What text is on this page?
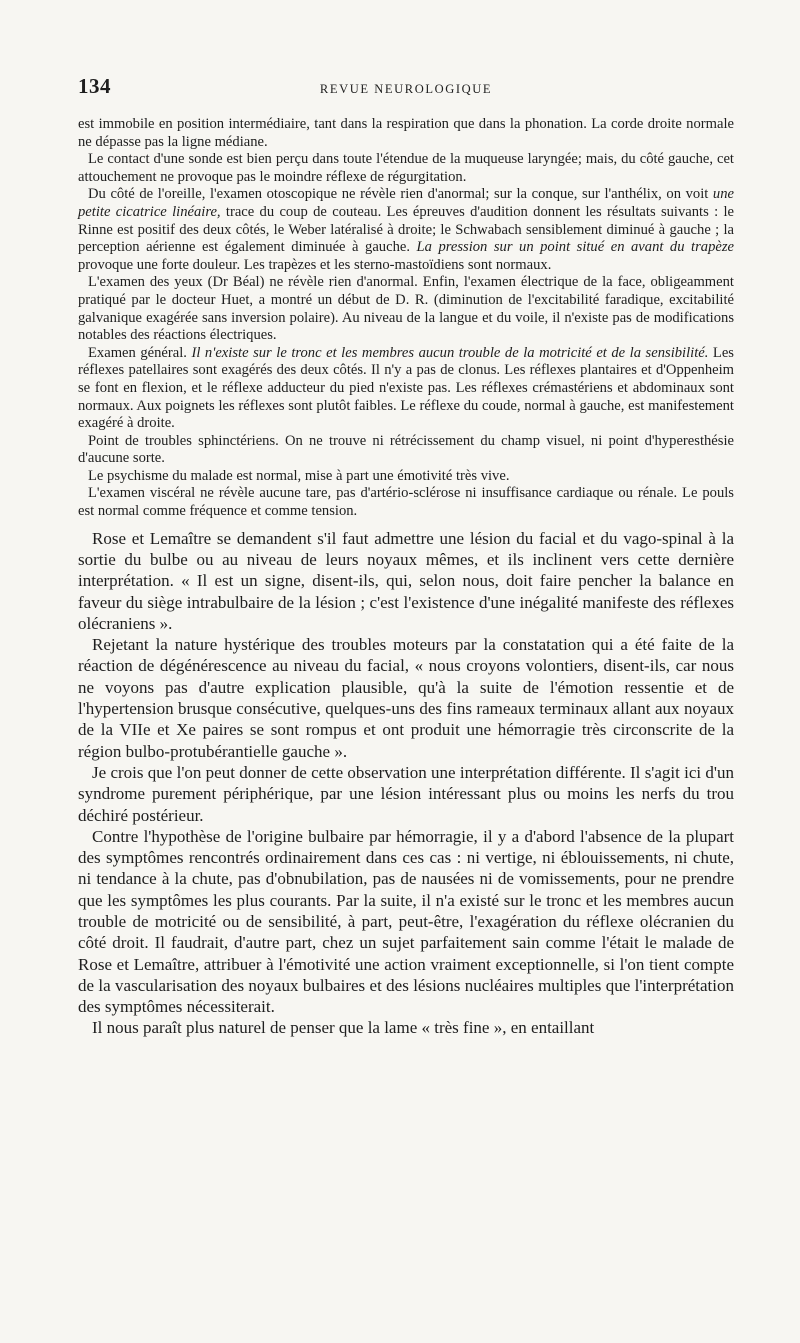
134	REVUE NEUROLOGIQUE

est immobile en position intermédiaire, tant dans la respiration que dans la phonation. La corde droite normale ne dépasse pas la ligne médiane.

Le contact d'une sonde est bien perçu dans toute l'étendue de la muqueuse laryngée; mais, du côté gauche, cet attouchement ne provoque pas le moindre réflexe de régurgitation.

Du côté de l'oreille, l'examen otoscopique ne révèle rien d'anormal; sur la conque, sur l'anthélix, on voit une petite cicatrice linéaire, trace du coup de couteau. Les épreuves d'audition donnent les résultats suivants : le Rinne est positif des deux côtés, le Weber latéralisé à droite; le Schwabach sensiblement diminué à gauche ; la perception aérienne est également diminuée à gauche. La pression sur un point situé en avant du trapèze provoque une forte douleur. Les trapèzes et les sterno-mastoïdiens sont normaux.

L'examen des yeux (Dr Béal) ne révèle rien d'anormal. Enfin, l'examen électrique de la face, obligeamment pratiqué par le docteur Huet, a montré un début de D. R. (diminution de l'excitabilité faradique, excitabilité galvanique exagérée sans inversion polaire). Au niveau de la langue et du voile, il n'existe pas de modifications notables des réactions électriques.

Examen général. Il n'existe sur le tronc et les membres aucun trouble de la motricité et de la sensibilité. Les réflexes patellaires sont exagérés des deux côtés. Il n'y a pas de clonus. Les réflexes plantaires et d'Oppenheim se font en flexion, et le réflexe adducteur du pied n'existe pas. Les réflexes crémastériens et abdominaux sont normaux. Aux poignets les réflexes sont plutôt faibles. Le réflexe du coude, normal à gauche, est manifestement exagéré à droite.

Point de troubles sphinctériens. On ne trouve ni rétrécissement du champ visuel, ni point d'hyperesthésie d'aucune sorte.

Le psychisme du malade est normal, mise à part une émotivité très vive.

L'examen viscéral ne révèle aucune tare, pas d'artério-sclérose ni insuffisance cardiaque ou rénale. Le pouls est normal comme fréquence et comme tension.

Rose et Lemaître se demandent s'il faut admettre une lésion du facial et du vago-spinal à la sortie du bulbe ou au niveau de leurs noyaux mêmes, et ils inclinent vers cette dernière interprétation. « Il est un signe, disent-ils, qui, selon nous, doit faire pencher la balance en faveur du siège intrabulbaire de la lésion ; c'est l'existence d'une inégalité manifeste des réflexes olécraniens ».

Rejetant la nature hystérique des troubles moteurs par la constatation qui a été faite de la réaction de dégénérescence au niveau du facial, « nous croyons volontiers, disent-ils, car nous ne voyons pas d'autre explication plausible, qu'à la suite de l'émotion ressentie et de l'hypertension brusque consécutive, quelques-uns des fins rameaux terminaux allant aux noyaux de la VIIe et Xe paires se sont rompus et ont produit une hémorragie très circonscrite de la région bulbo-protubérantielle gauche ».

Je crois que l'on peut donner de cette observation une interprétation différente. Il s'agit ici d'un syndrome purement périphérique, par une lésion intéressant plus ou moins les nerfs du trou déchiré postérieur.

Contre l'hypothèse de l'origine bulbaire par hémorragie, il y a d'abord l'absence de la plupart des symptômes rencontrés ordinairement dans ces cas : ni vertige, ni éblouissements, ni chute, ni tendance à la chute, pas d'obnubilation, pas de nausées ni de vomissements, pour ne prendre que les symptômes les plus courants. Par la suite, il n'a existé sur le tronc et les membres aucun trouble de motricité ou de sensibilité, à part, peut-être, l'exagération du réflexe olécranien du côté droit. Il faudrait, d'autre part, chez un sujet parfaitement sain comme l'était le malade de Rose et Lemaître, attribuer à l'émotivité une action vraiment exceptionnelle, si l'on tient compte de la vascularisation des noyaux bulbaires et des lésions nucléaires multiples que l'interprétation des symptômes nécessiterait.

Il nous paraît plus naturel de penser que la lame « très fine », en entaillant
